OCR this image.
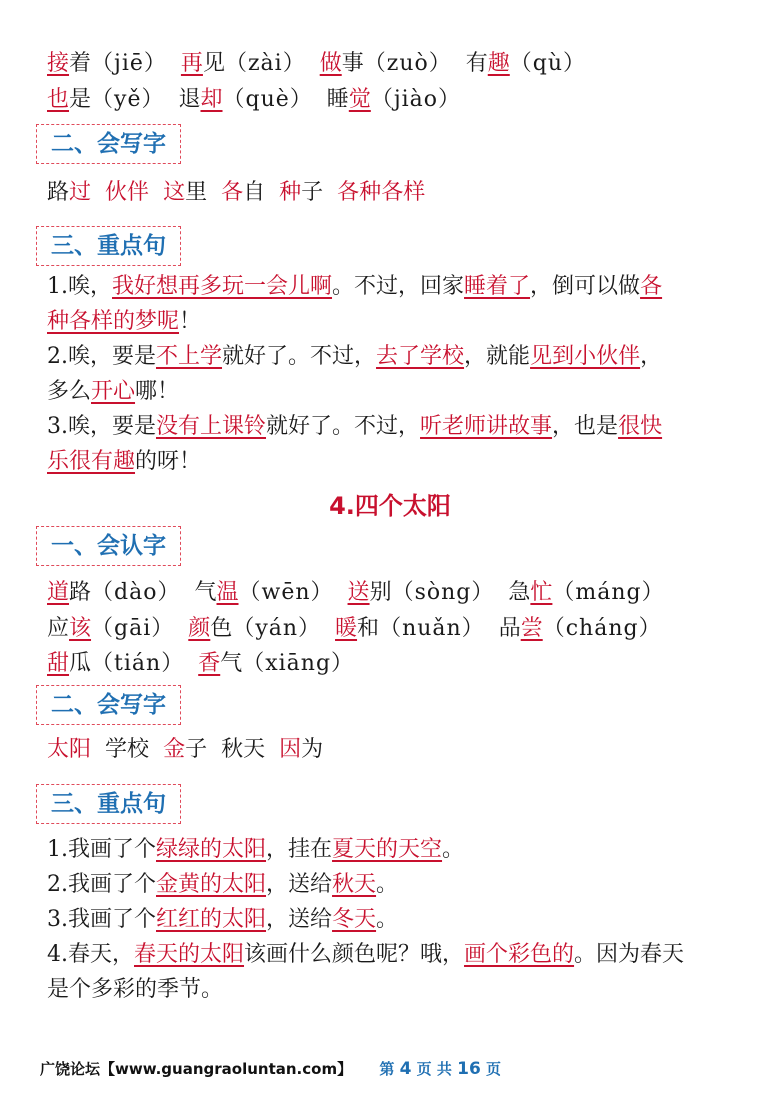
接着（jiē） 再见（zài） 做事（zuò） 有趣（qù）
也是（yě） 退却（què） 睡觉（jiào）
二、会写字
路过 伙伴 这里 各自 种子 各种各样
三、重点句
1.唉，我好想再多玩一会儿啊。不过，回家睡着了，倒可以做各
种各样的梦呢！
2.唉，要是不上学就好了。不过，去了学校，就能见到小伙伴，
多么开心哪！
3.唉，要是没有上课铃就好了。不过，听老师讲故事，也是很快
乐很有趣的呀！
4.四个太阳
一、会认字
道路（dào） 气温（wēn） 送别（sòng） 急忙（máng）
应该（gāi） 颜色（yán） 暖和（nuǎn） 品尝（cháng）
甜瓜（tián） 香气（xiāng）
二、会写字
太阳 学校 金子 秋天 因为
三、重点句
1.我画了个绿绿的太阳，挂在夏天的天空。
2.我画了个金黄的太阳，送给秋天。
3.我画了个红红的太阳，送给冬天。
4.春天，春天的太阳该画什么颜色呢？哦，画个彩色的。因为春天
是个多彩的季节。
广饶论坛【www.guangraoluntan.com】 第 4 页 共 16 页
